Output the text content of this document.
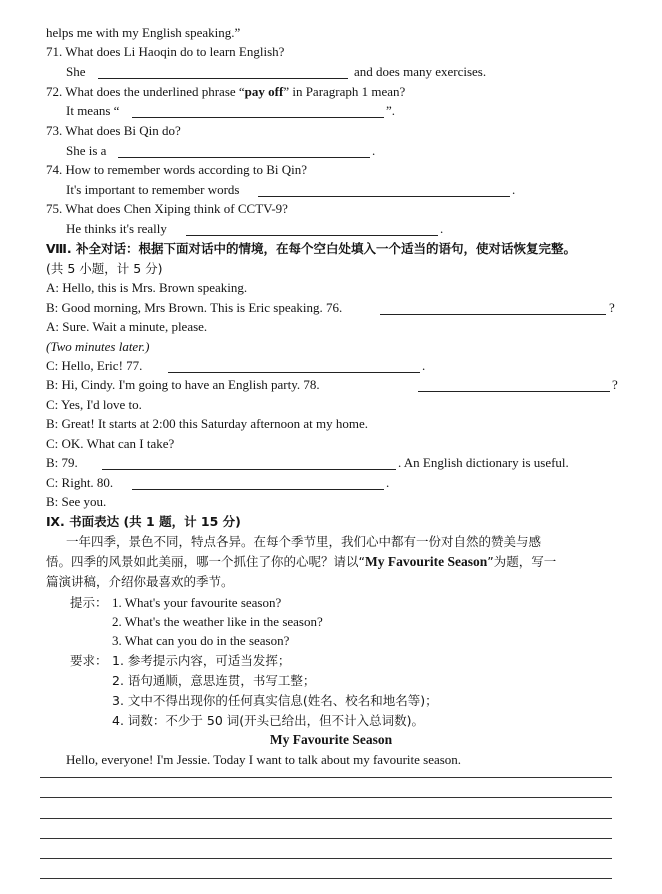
helps me with my English speaking.”
71. What does Li Haoqin do to learn English?
She	and does many exercises.
72. What does the underlined phrase “pay off” in Paragraph 1 mean?
It means “	”.
73. What does Bi Qin do?
She is a	.
74. How to remember words according to Bi Qin?
It's important to remember words	.
75. What does Chen Xiping think of CCTV-9?
He thinks it's really	.
Ⅷ. 补全对话：根据下面对话中的情境，在每个空白处填入一个适当的语句，使对话恢复完整。
(共 5 小题，计 5 分)
A: Hello, this is Mrs. Brown speaking.
B: Good morning, Mrs Brown. This is Eric speaking. 76.	?
A: Sure. Wait a minute, please.
(Two minutes later.)
C: Hello, Eric! 77.	.
B: Hi, Cindy. I'm going to have an English party. 78.	?
C: Yes, I'd love to.
B: Great! It starts at 2:00 this Saturday afternoon at my home.
C: OK. What can I take?
B: 79.	. An English dictionary is useful.
C: Right. 80.	.
B: See you.
Ⅸ. 书面表达 (共 1 题，计 15 分)
一年四季，景色不同，特点各异。在每个季节里，我们心中都有一份对自然的赞美与感
悟。四季的风景如此美丽，哪一个抓住了你的心呢？请以“My Favourite Season”为题，写一
篇演讲稿，介绍你最喜欢的季节。
提示： 1. What's your favourite season?
2. What's the weather like in the season?
3. What can you do in the season?
要求： 1. 参考提示内容，可适当发挥；
2. 语句通顺，意思连贯，书写工整；
3. 文中不得出现你的任何真实信息(姓名、校名和地名等)；
4. 词数：不少于 50 词(开头已给出，但不计入总词数)。
My Favourite Season
Hello, everyone! I'm Jessie. Today I want to talk about my favourite season.
